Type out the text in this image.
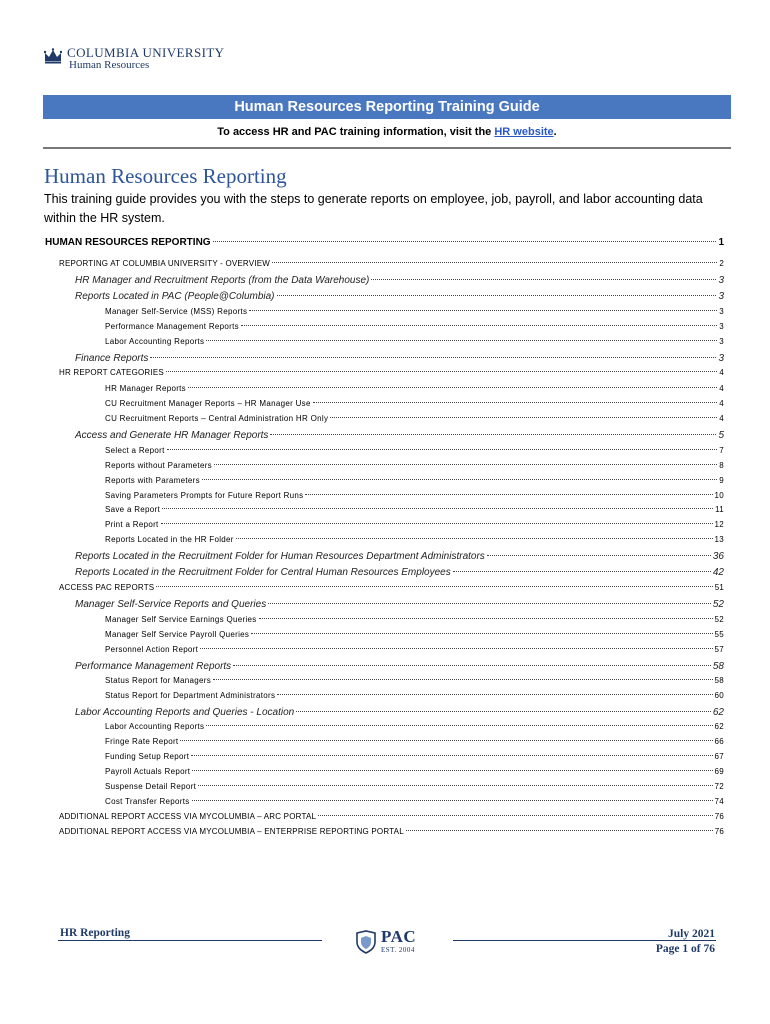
COLUMBIA UNIVERSITY
Human Resources
Human Resources Reporting Training Guide
To access HR and PAC training information, visit the HR website.
Human Resources Reporting
This training guide provides you with the steps to generate reports on employee, job, payroll, and labor accounting data within the HR system.
HUMAN RESOURCES REPORTING	1
REPORTING AT COLUMBIA UNIVERSITY - OVERVIEW	2
HR Manager and Recruitment Reports (from the Data Warehouse)	3
Reports Located in PAC (People@Columbia)	3
Manager Self-Service (MSS) Reports	3
Performance Management Reports	3
Labor Accounting Reports	3
Finance Reports	3
HR REPORT CATEGORIES	4
HR Manager Reports	4
CU Recruitment Manager Reports – HR Manager Use	4
CU Recruitment Reports – Central Administration HR Only	4
Access and Generate HR Manager Reports	5
Select a Report	7
Reports without Parameters	8
Reports with Parameters	9
Saving Parameters Prompts for Future Report Runs	10
Save a Report	11
Print a Report	12
Reports Located in the HR Folder	13
Reports Located in the Recruitment Folder for Human Resources Department Administrators	36
Reports Located in the Recruitment Folder for Central Human Resources Employees	42
ACCESS PAC REPORTS	51
Manager Self-Service Reports and Queries	52
Manager Self Service Earnings Queries	52
Manager Self Service Payroll Queries	55
Personnel Action Report	57
Performance Management Reports	58
Status Report for Managers	58
Status Report for Department Administrators	60
Labor Accounting Reports and Queries - Location	62
Labor Accounting Reports	62
Fringe Rate Report	66
Funding Setup Report	67
Payroll Actuals Report	69
Suspense Detail Report	72
Cost Transfer Reports	74
ADDITIONAL REPORT ACCESS VIA MYCOLUMBIA – ARC PORTAL	76
ADDITIONAL REPORT ACCESS VIA MYCOLUMBIA – ENTERPRISE REPORTING PORTAL	76
HR Reporting	PAC
EST. 2004
July 2021
Page 1 of 76
